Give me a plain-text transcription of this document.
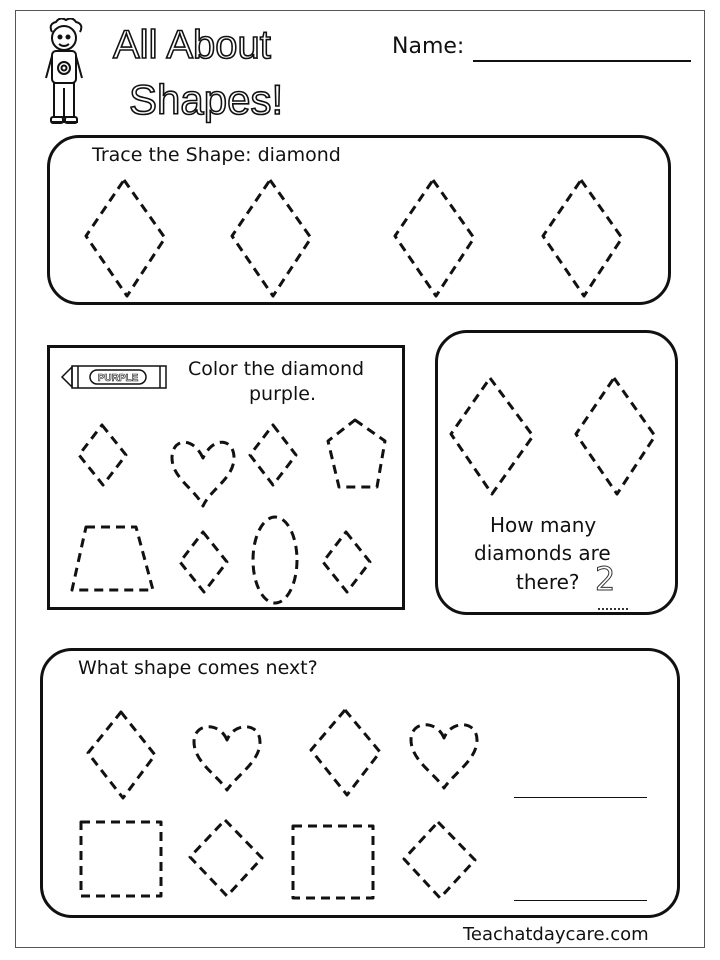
All About
Shapes!
Name:
Trace the Shape: diamond
PURPLE	Color the diamond
purple.
How many
diamonds are
there? 2
What shape comes next?
Teachatdaycare.com
